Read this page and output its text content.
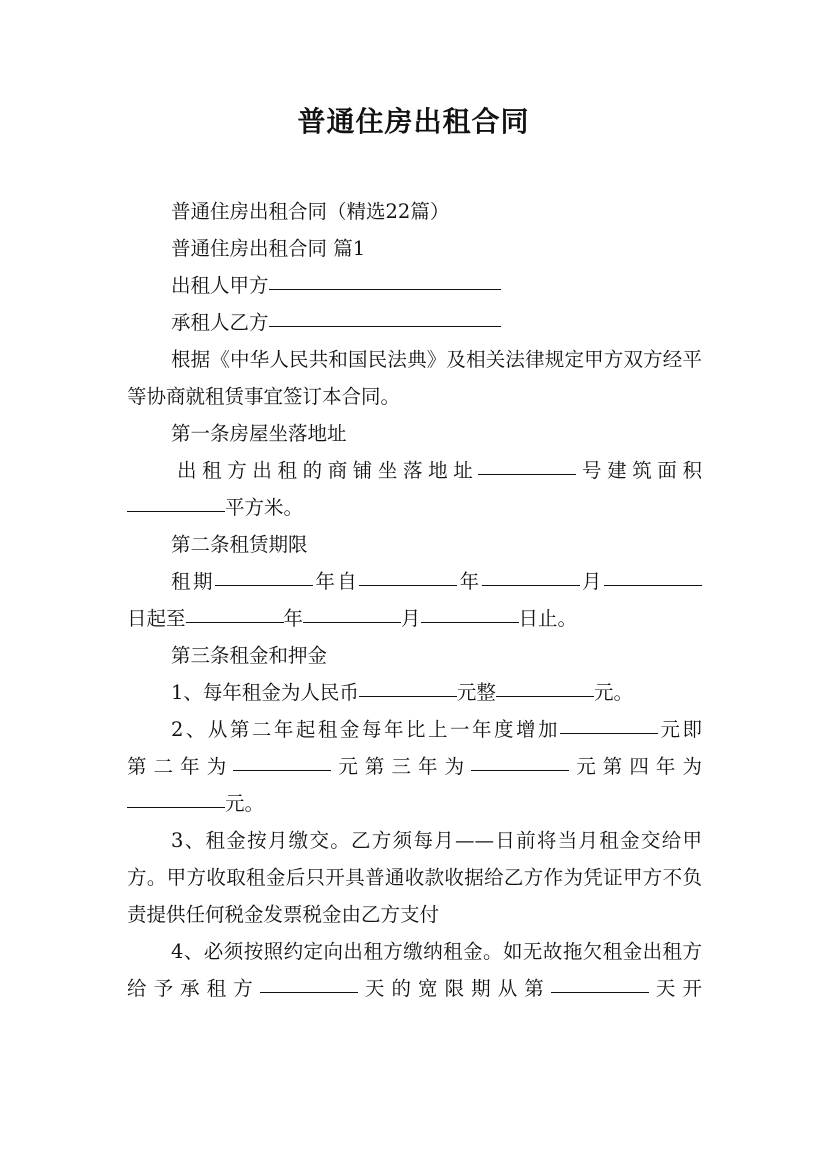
普通住房出租合同

普通住房出租合同（精选22篇）

普通住房出租合同 篇1

出租人甲方

承租人乙方

根据《中华人民共和国民法典》及相关法律规定甲方双方经平等协商就租赁事宜签订本合同。

第一条房屋坐落地址

出租方出租的商铺坐落地址	号建筑面积

平方米。

第二条租赁期限

租期	年自	年	月

日起至	年	月	日止。

第三条租金和押金

1、每年租金为人民币	元整	元。

2、从第二年起租金每年比上一年度增加	元即

第二年为	元第三年为	元第四年为

元。

3、租金按月缴交。乙方须每月——日前将当月租金交给甲方。甲方收取租金后只开具普通收款收据给乙方作为凭证甲方不负责提供任何税金发票税金由乙方支付

4、必须按照约定向出租方缴纳租金。如无故拖欠租金出租方给予承租方	天的宽限期从第	天开
